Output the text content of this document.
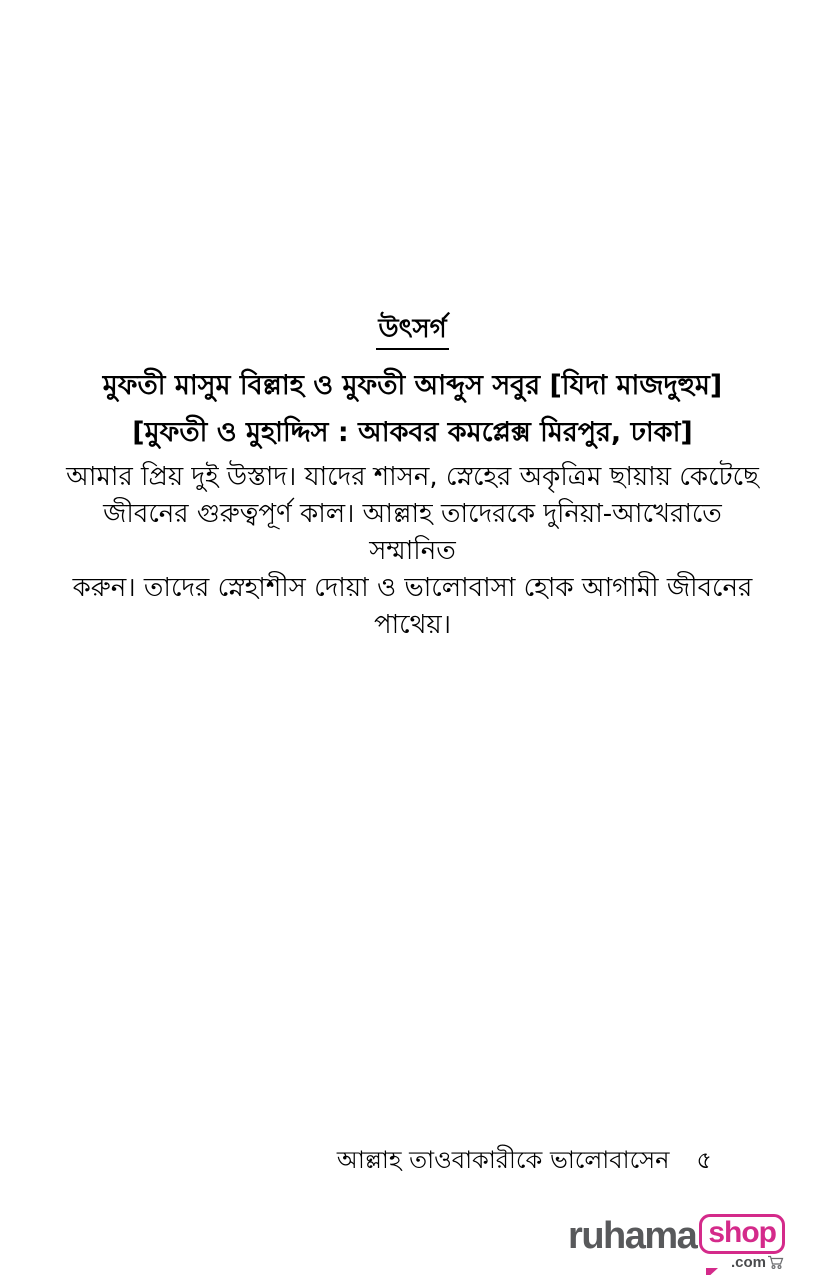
উৎসর্গ
মুফতী মাসুম বিল্লাহ ও মুফতী আব্দুস সবুর [যিদা মাজদুহুম]
[মুফতী ও মুহাদ্দিস : আকবর কমপ্লেক্স মিরপুর, ঢাকা]
আমার প্রিয় দুই উস্তাদ। যাদের শাসন, স্নেহের অকৃত্রিম ছায়ায় কেটেছে
জীবনের গুরুত্বপূর্ণ কাল। আল্লাহ তাদেরকে দুনিয়া-আখেরাতে সম্মানিত
করুন। তাদের স্নেহাশীস দোয়া ও ভালোবাসা হোক আগামী জীবনের
পাথেয়।
আল্লাহ তাওবাকারীকে ভালোবাসেন ৫
ruhama shop
.com
